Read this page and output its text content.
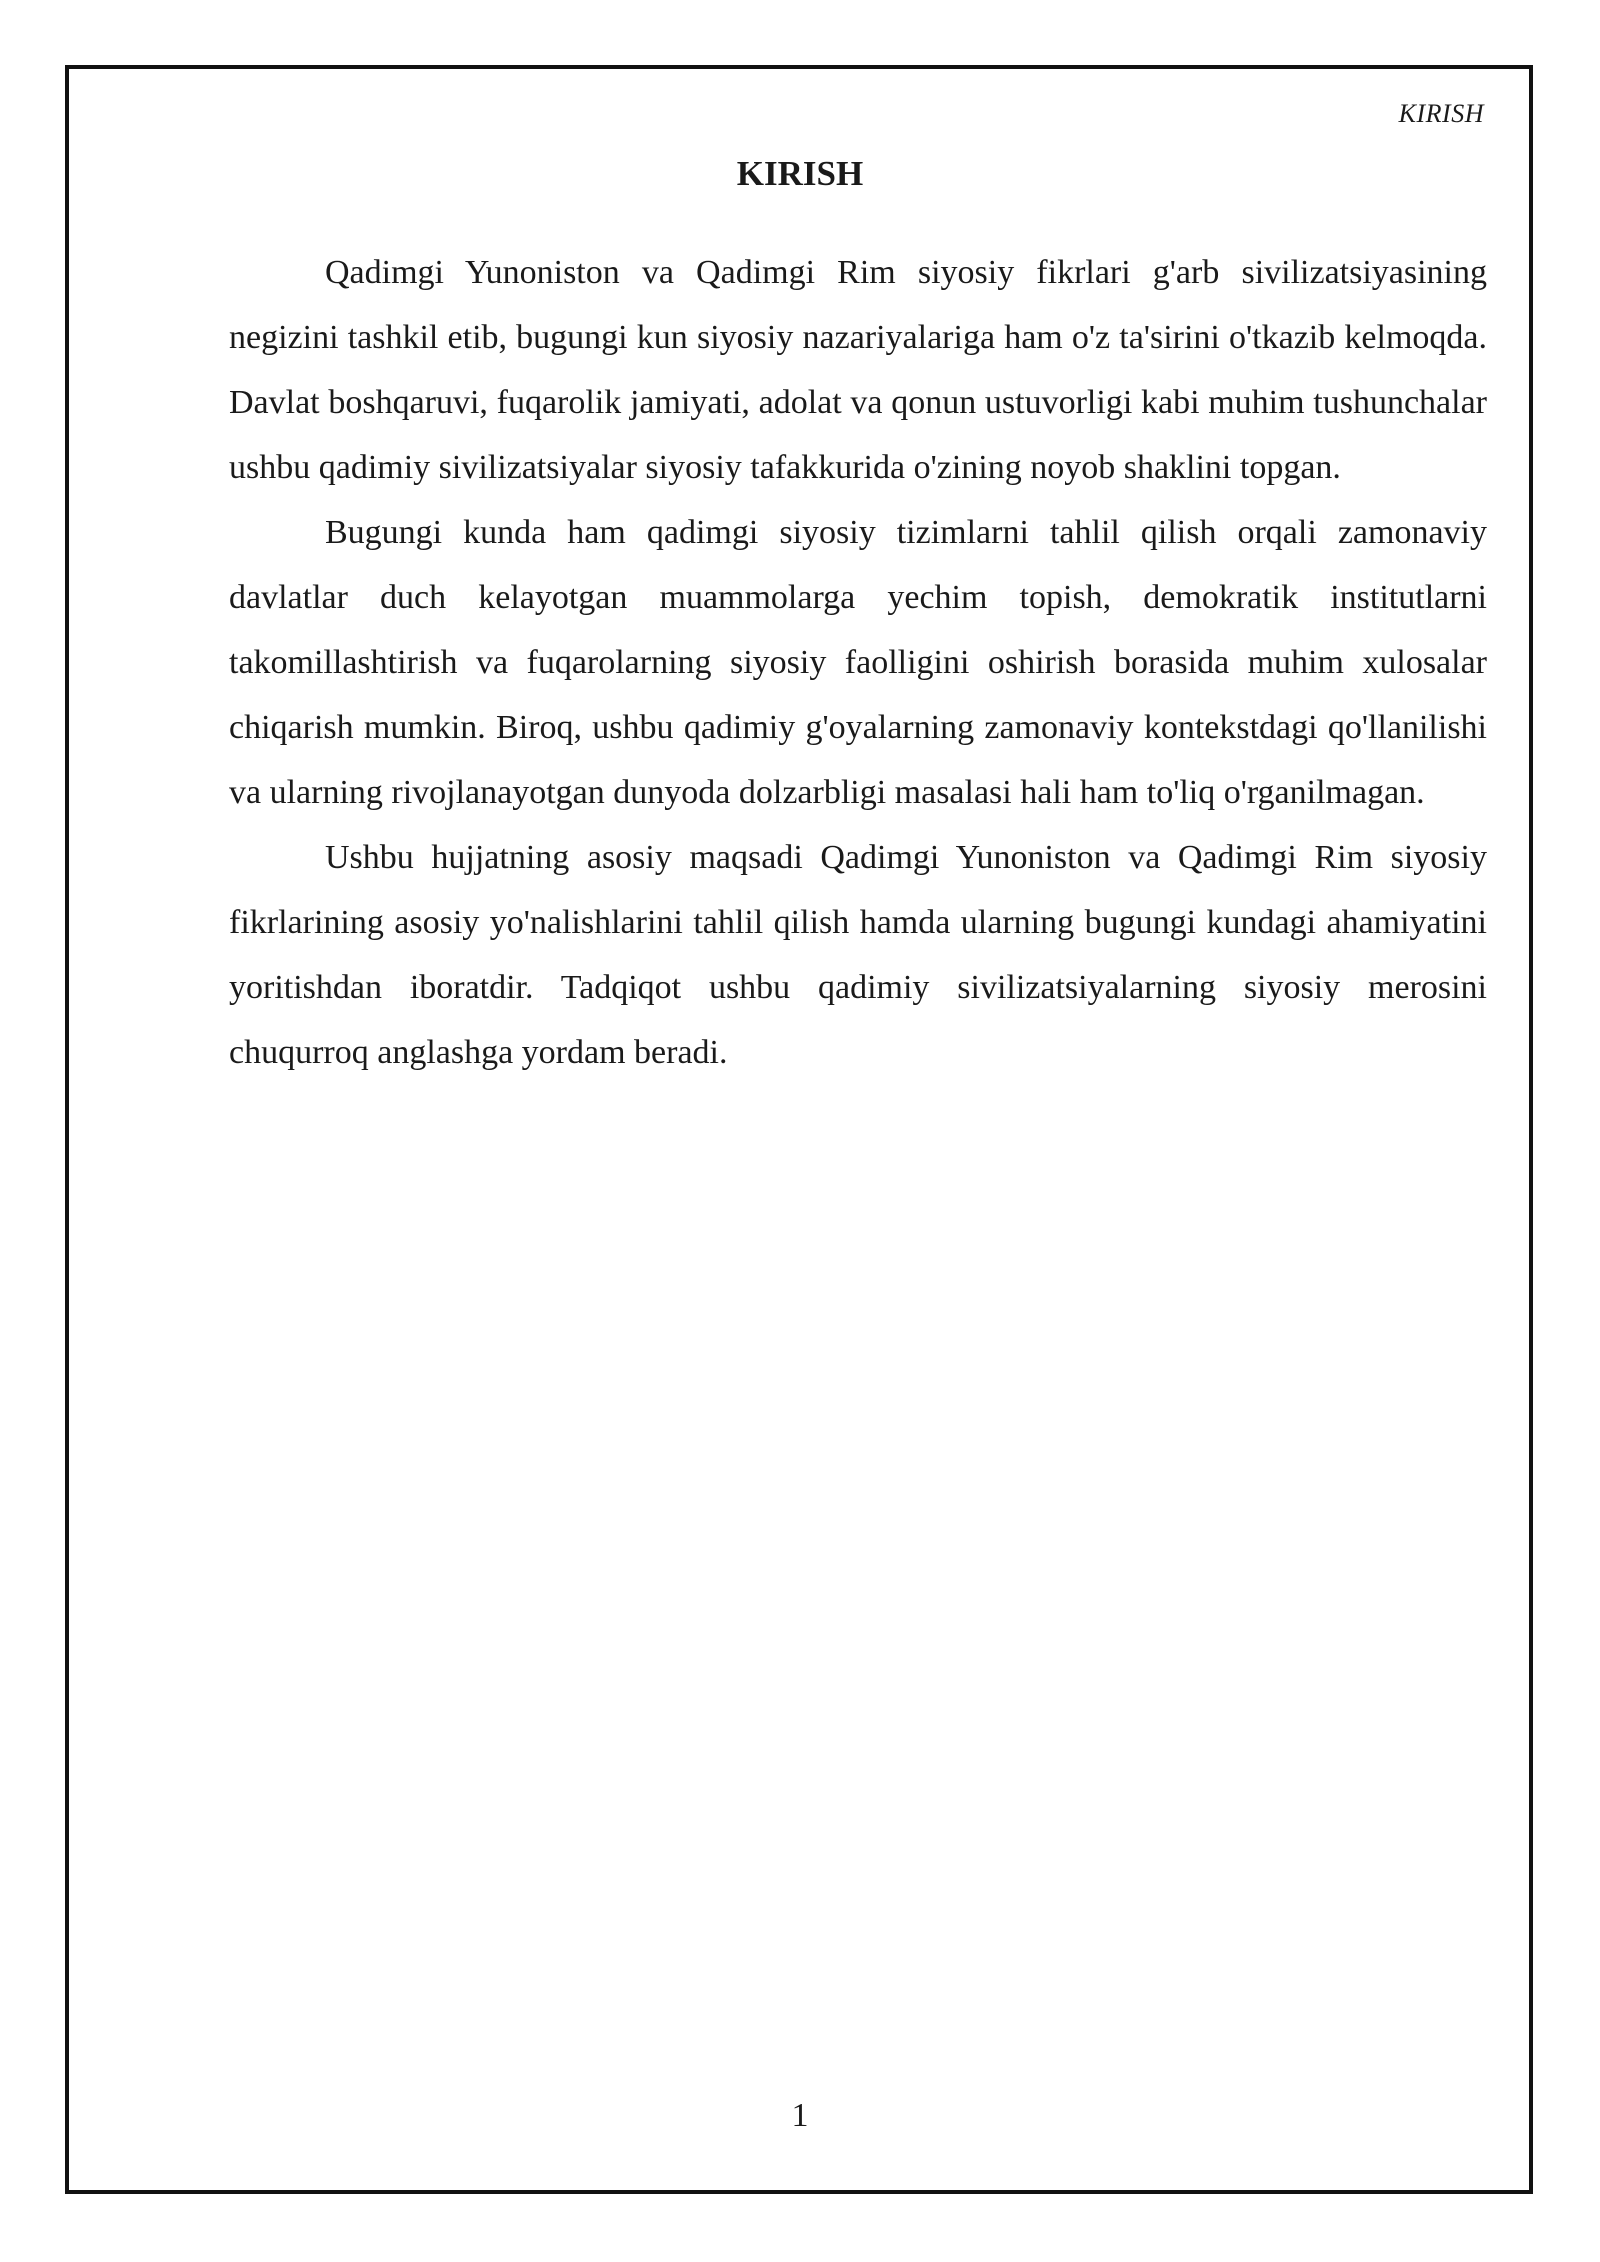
KIRISH
KIRISH

Qadimgi Yunoniston va Qadimgi Rim siyosiy fikrlari g'arb sivilizatsiyasining negizini tashkil etib, bugungi kun siyosiy nazariyalariga ham o'z ta'sirini o'tkazib kelmoqda. Davlat boshqaruvi, fuqarolik jamiyati, adolat va qonun ustuvorligi kabi muhim tushunchalar ushbu qadimiy sivilizatsiyalar siyosiy tafakkurida o'zining noyob shaklini topgan.

Bugungi kunda ham qadimgi siyosiy tizimlarni tahlil qilish orqali zamonaviy davlatlar duch kelayotgan muammolarga yechim topish, demokratik institutlarni takomillashtirish va fuqarolarning siyosiy faolligini oshirish borasida muhim xulosalar chiqarish mumkin. Biroq, ushbu qadimiy g'oyalarning zamonaviy kontekstdagi qo'llanilishi va ularning rivojlanayotgan dunyoda dolzarbligi masalasi hali ham to'liq o'rganilmagan.

Ushbu hujjatning asosiy maqsadi Qadimgi Yunoniston va Qadimgi Rim siyosiy fikrlarining asosiy yo'nalishlarini tahlil qilish hamda ularning bugungi kundagi ahamiyatini yoritishdan iboratdir. Tadqiqot ushbu qadimiy sivilizatsiyalarning siyosiy merosini chuqurroq anglashga yordam beradi.

1
